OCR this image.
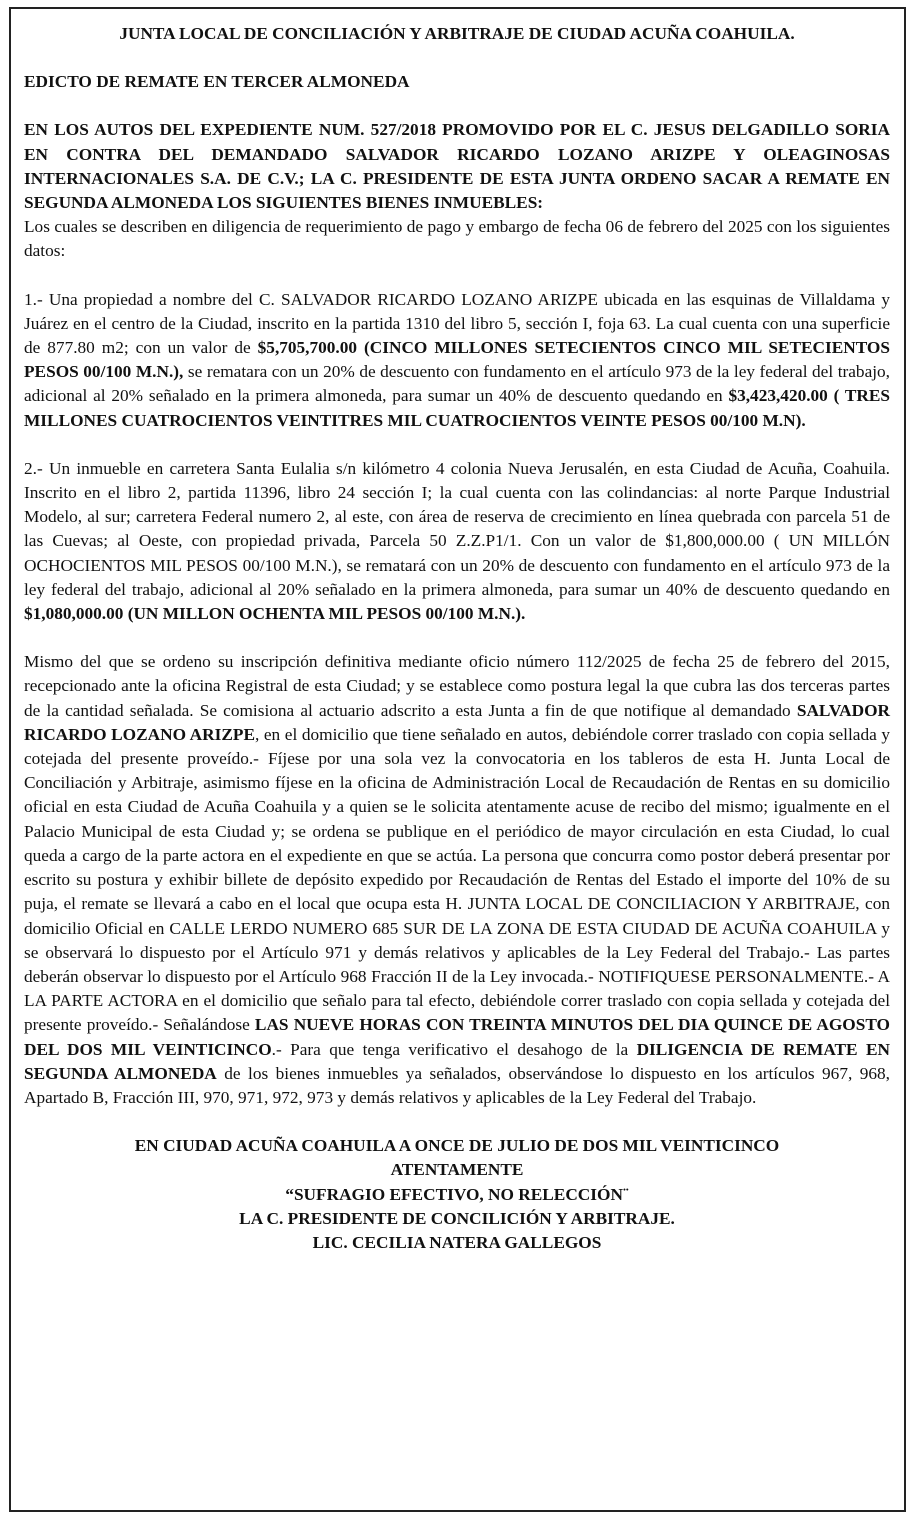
JUNTA LOCAL DE CONCILIACIÓN Y ARBITRAJE DE CIUDAD ACUÑA COAHUILA.

EDICTO DE REMATE EN TERCER ALMONEDA

EN LOS AUTOS DEL EXPEDIENTE NUM. 527/2018 PROMOVIDO POR EL C. JESUS DELGADILLO SORIA EN CONTRA DEL DEMANDADO SALVADOR RICARDO LOZANO ARIZPE Y OLEAGINOSAS INTERNACIONALES S.A. DE C.V.; LA C. PRESIDENTE DE ESTA JUNTA ORDENO SACAR A REMATE EN SEGUNDA ALMONEDA LOS SIGUIENTES BIENES INMUEBLES:

Los cuales se describen en diligencia de requerimiento de pago y embargo de fecha 06 de febrero del 2025 con los siguientes datos:

1.- Una propiedad a nombre del C. SALVADOR RICARDO LOZANO ARIZPE ubicada en las esquinas de Villaldama y Juárez en el centro de la Ciudad, inscrito en la partida 1310 del libro 5, sección I, foja 63. La cual cuenta con una superficie de 877.80 m2; con un valor de $5,705,700.00 (CINCO MILLONES SETECIENTOS CINCO MIL SETECIENTOS PESOS 00/100 M.N.), se rematara con un 20% de descuento con fundamento en el artículo 973 de la ley federal del trabajo, adicional al 20% señalado en la primera almoneda, para sumar un 40% de descuento quedando en $3,423,420.00 ( TRES MILLONES CUATROCIENTOS VEINTITRES MIL CUATROCIENTOS VEINTE PESOS 00/100 M.N).

2.- Un inmueble en carretera Santa Eulalia s/n kilómetro 4 colonia Nueva Jerusalén, en esta Ciudad de Acuña, Coahuila. Inscrito en el libro 2, partida 11396, libro 24 sección I; la cual cuenta con las colindancias: al norte Parque Industrial Modelo, al sur; carretera Federal numero 2, al este, con área de reserva de crecimiento en línea quebrada con parcela 51 de las Cuevas; al Oeste, con propiedad privada, Parcela 50 Z.Z.P1/1. Con un valor de $1,800,000.00 ( UN MILLÓN OCHOCIENTOS MIL PESOS 00/100 M.N.), se rematará con un 20% de descuento con fundamento en el artículo 973 de la ley federal del trabajo, adicional al 20% señalado en la primera almoneda, para sumar un 40% de descuento quedando en $1,080,000.00 (UN MILLON OCHENTA MIL PESOS 00/100 M.N.).

Mismo del que se ordeno su inscripción definitiva mediante oficio número 112/2025 de fecha 25 de febrero del 2015, recepcionado ante la oficina Registral de esta Ciudad; y se establece como postura legal la que cubra las dos terceras partes de la cantidad señalada. Se comisiona al actuario adscrito a esta Junta a fin de que notifique al demandado SALVADOR RICARDO LOZANO ARIZPE, en el domicilio que tiene señalado en autos, debiéndole correr traslado con copia sellada y cotejada del presente proveído.- Fíjese por una sola vez la convocatoria en los tableros de esta H. Junta Local de Conciliación y Arbitraje, asimismo fíjese en la oficina de Administración Local de Recaudación de Rentas en su domicilio oficial en esta Ciudad de Acuña Coahuila y a quien se le solicita atentamente acuse de recibo del mismo; igualmente en el Palacio Municipal de esta Ciudad y; se ordena se publique en el periódico de mayor circulación en esta Ciudad, lo cual queda a cargo de la parte actora en el expediente en que se actúa. La persona que concurra como postor deberá presentar por escrito su postura y exhibir billete de depósito expedido por Recaudación de Rentas del Estado el importe del 10% de su puja, el remate se llevará a cabo en el local que ocupa esta H. JUNTA LOCAL DE CONCILIACION Y ARBITRAJE, con domicilio Oficial en CALLE LERDO NUMERO 685 SUR DE LA ZONA DE ESTA CIUDAD DE ACUÑA COAHUILA y se observará lo dispuesto por el Artículo 971 y demás relativos y aplicables de la Ley Federal del Trabajo.- Las partes deberán observar lo dispuesto por el Artículo 968 Fracción II de la Ley invocada.- NOTIFIQUESE PERSONALMENTE.- A LA PARTE ACTORA en el domicilio que señalo para tal efecto, debiéndole correr traslado con copia sellada y cotejada del presente proveído.- Señalándose LAS NUEVE HORAS CON TREINTA MINUTOS DEL DIA QUINCE DE AGOSTO DEL DOS MIL VEINTICINCO.- Para que tenga verificativo el desahogo de la DILIGENCIA DE REMATE EN SEGUNDA ALMONEDA de los bienes inmuebles ya señalados, observándose lo dispuesto en los artículos 967, 968, Apartado B, Fracción III, 970, 971, 972, 973 y demás relativos y aplicables de la Ley Federal del Trabajo.

EN CIUDAD ACUÑA COAHUILA A ONCE DE JULIO DE DOS MIL VEINTICINCO

ATENTAMENTE

“SUFRAGIO EFECTIVO, NO RELECCIÓN¨

LA C. PRESIDENTE DE CONCILICIÓN Y ARBITRAJE.

LIC. CECILIA NATERA GALLEGOS
